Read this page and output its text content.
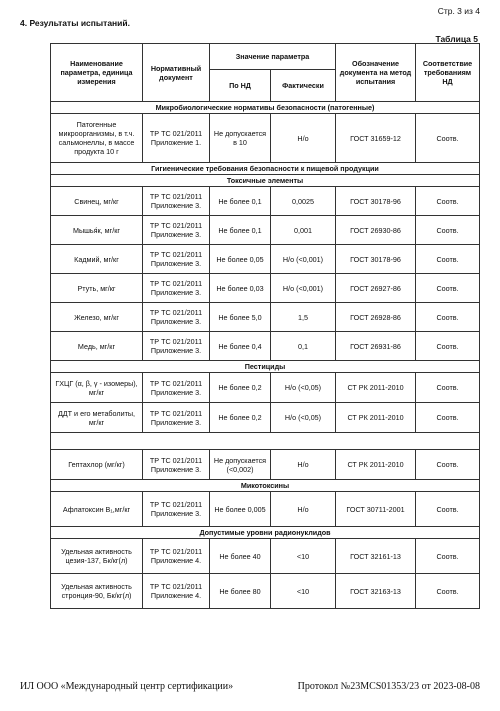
Стр. 3 из 4
4. Результаты испытаний.
Таблица 5
Наименование параметра, единица измерения	Нормативный документ	Значение параметра		Обозначение документа на метод испытания	Соответствие требованиям НД
		По НД	Фактически		
Микробиологические нормативы безопасности (патогенные)					
Патогенные микроорганизмы, в т.ч. сальмонеллы, в массе продукта 10 г	ТР ТС 021/2011 Приложение 1.	Не допускается в 10	Н/о	ГОСТ 31659-12	Соотв.
Гигиенические требования безопасности к пищевой продукции					
Токсичные элементы					
Свинец, мг/кг	ТР ТС 021/2011 Приложение 3.	Не более 0,1	0,0025	ГОСТ 30178-96	Соотв.
Мышья́к, мг/кг	ТР ТС 021/2011 Приложение 3.	Не более 0,1	0,001	ГОСТ 26930-86	Соотв.
Кадмий, мг/кг	ТР ТС 021/2011 Приложение 3.	Не более 0,05	Н/о (<0,001)	ГОСТ 30178-96	Соотв.
Ртуть, мг/кг	ТР ТС 021/2011 Приложение 3.	Не более 0,03	Н/о (<0,001)	ГОСТ 26927-86	Соотв.
Железо, мг/кг	ТР ТС 021/2011 Приложение 3.	Не более 5,0	1,5	ГОСТ 26928-86	Соотв.
Медь, мг/кг	ТР ТС 021/2011 Приложение 3.	Не более 0,4	0,1	ГОСТ 26931-86	Соотв.
Пестициды					
ГХЦГ (α, β, γ - изомеры), мг/кг	ТР ТС 021/2011 Приложение 3.	Не более 0,2	Н/о (<0,05)	СТ РК 2011-2010	Соотв.
ДДТ и его метаболиты, мг/кг	ТР ТС 021/2011 Приложение 3.	Не более 0,2	Н/о (<0,05)	СТ РК 2011-2010	Соотв.

Гептахлор (мг/кг)	ТР ТС 021/2011 Приложение 3.	Не допускается (<0,002)	Н/о	СТ РК 2011-2010	Соотв.
Микотоксины					
Афлатоксин B₁,мг/кг	ТР ТС 021/2011 Приложение 3.	Не более 0,005	Н/о	ГОСТ 30711-2001	Соотв.
Допустимые уровни радионуклидов					
Удельная активность цезия-137, Бк/кг(л)	ТР ТС 021/2011 Приложение 4.	Не более 40	<10	ГОСТ 32161-13	Соотв.
Удельная активность стронция-90, Бк/кг(л)	ТР ТС 021/2011 Приложение 4.	Не более 80	<10	ГОСТ 32163-13	Соотв.
ИЛ ООО «Международный центр сертификации»	Протокол №23MCS01353/23 от 2023-08-08
